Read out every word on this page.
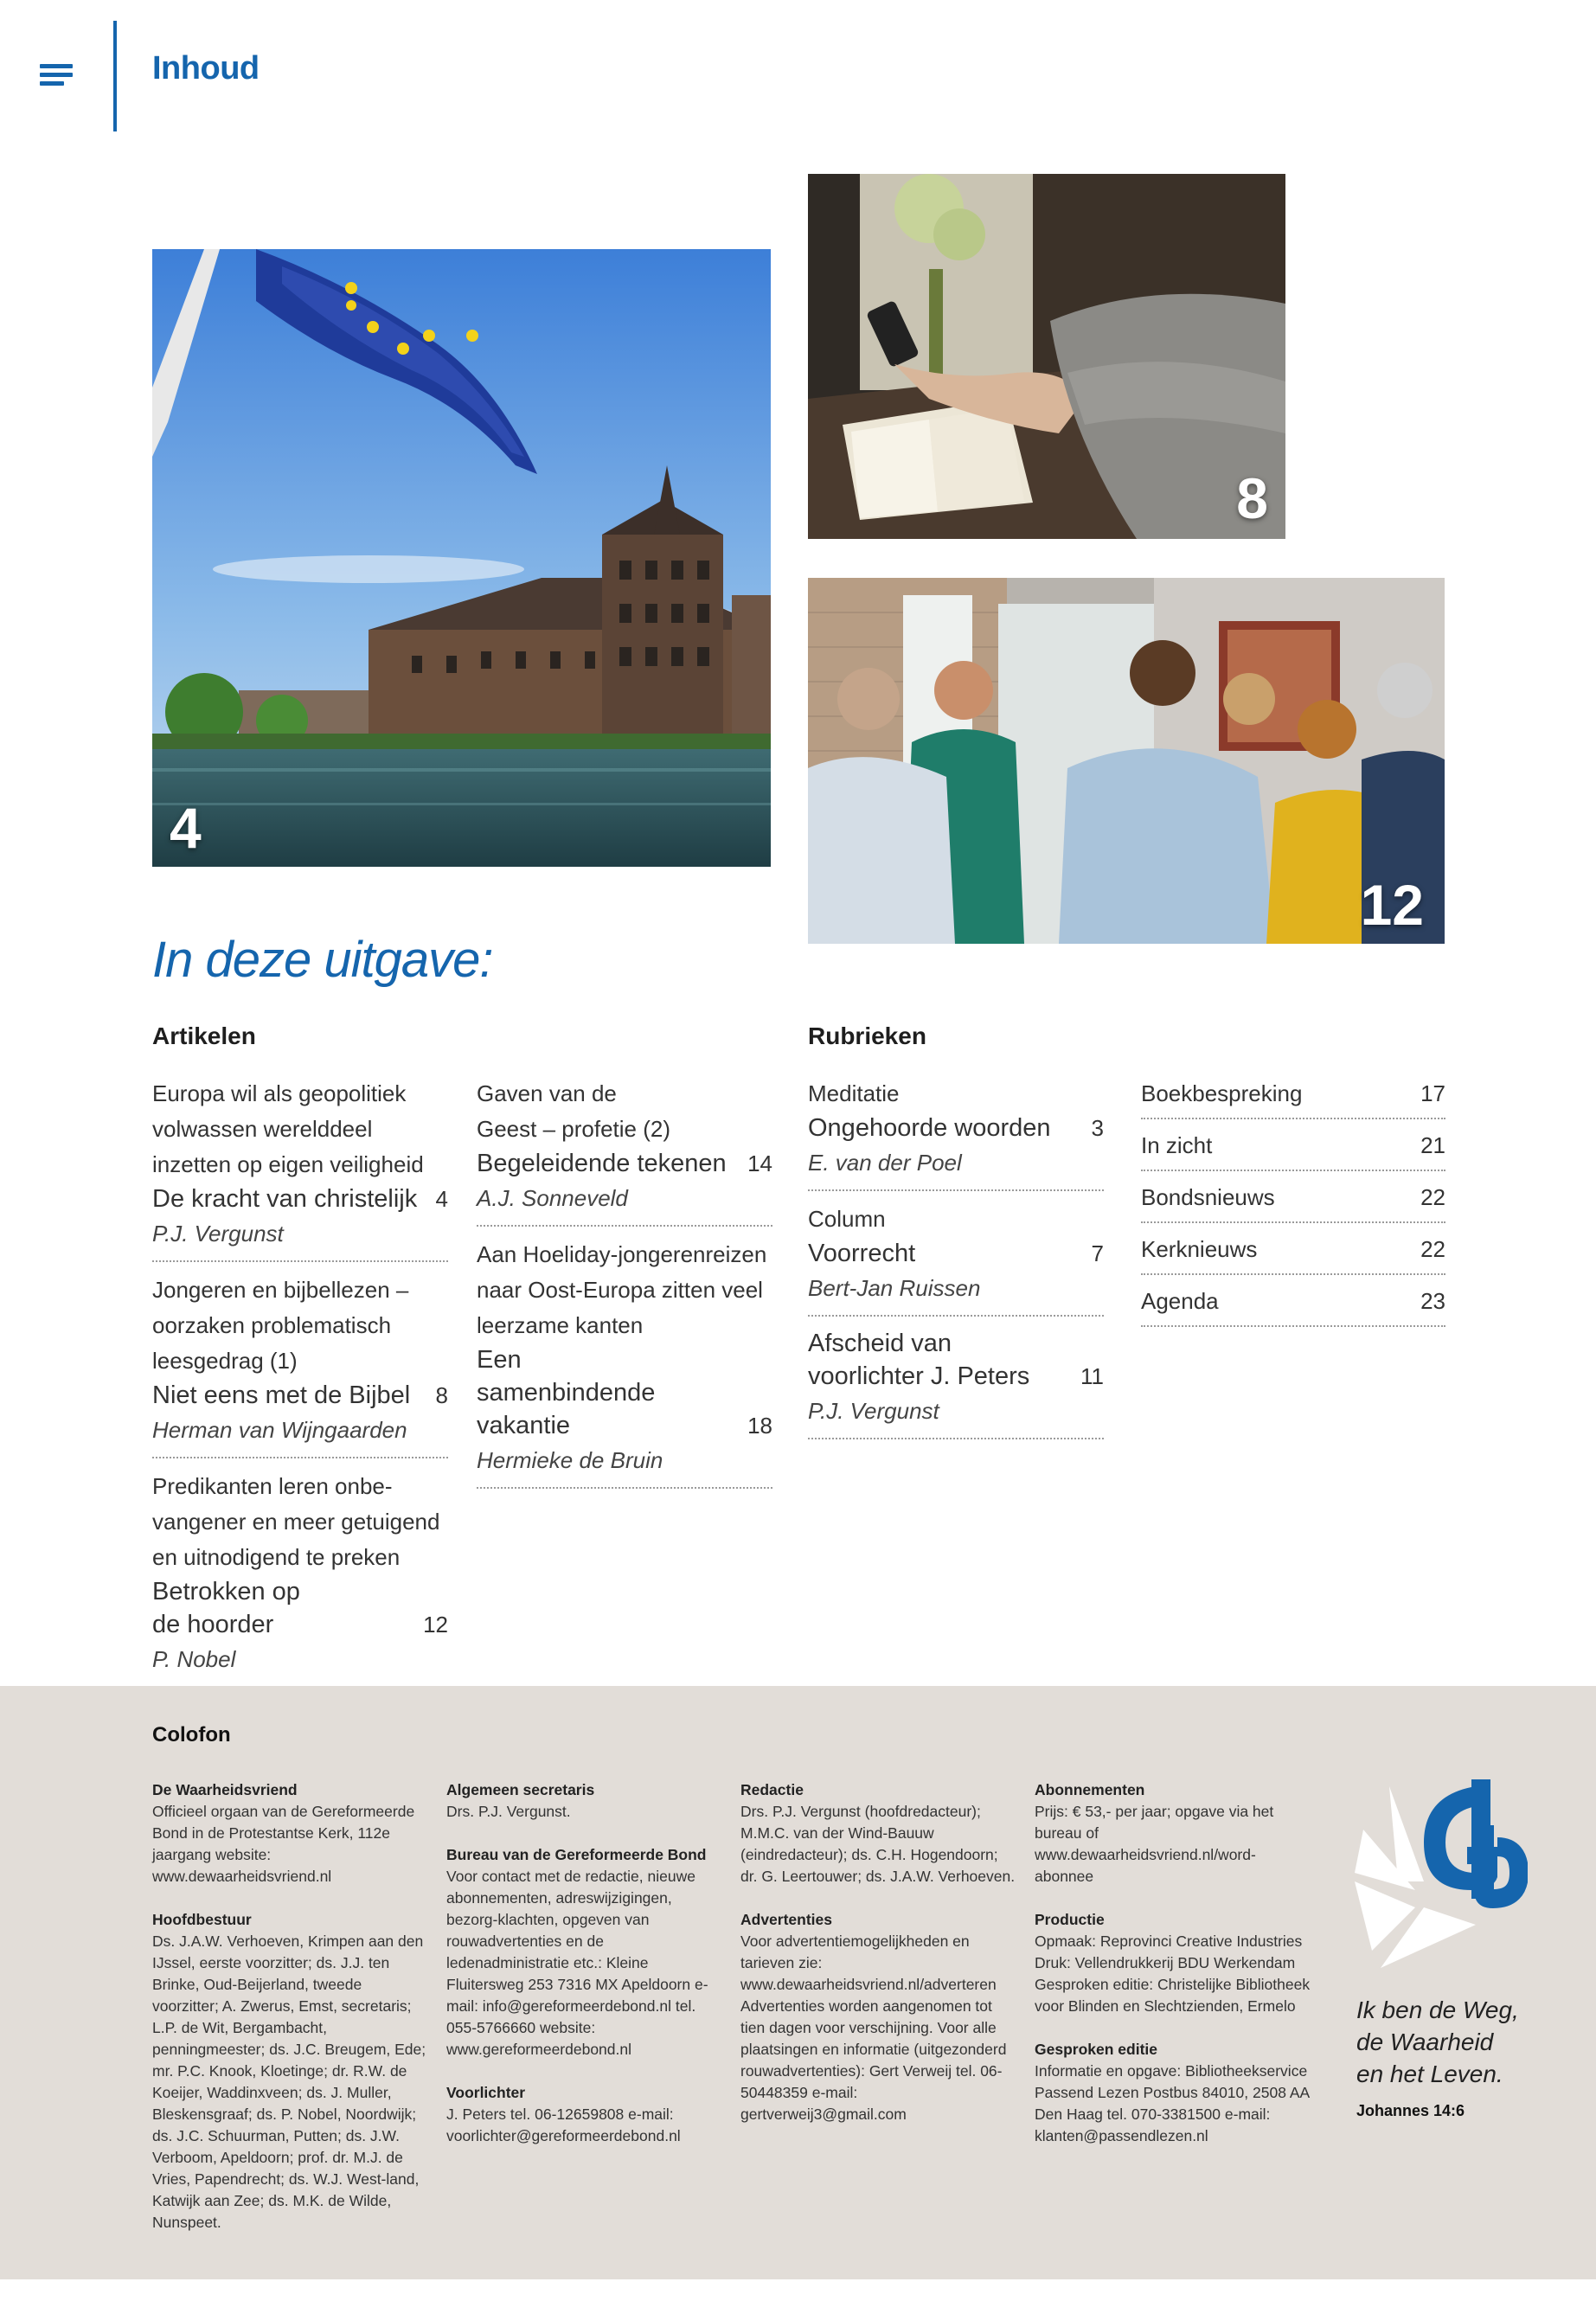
Inhoud
4
8
12
In deze uitgave:
Artikelen	Rubrieken
Europa wil als geopolitiek volwassen werelddeel inzetten op eigen veiligheid
De kracht van christelijk 4
P.J. Vergunst
Jongeren en bijbellezen – oorzaken problematisch leesgedrag (1)
Niet eens met de Bijbel	8
Herman van Wijngaarden
Predikanten leren onbe-vangener en meer getuigend en uitnodigend te preken
Betrokken op de hoorder	12
P. Nobel
Gaven van de Geest – profetie (2)
Begeleidende tekenen 14
A.J. Sonneveld
Aan Hoeliday-jongerenreizen naar Oost-Europa zitten veel leerzame kanten
Een samenbindende vakantie	18
Hermieke de Bruin
Meditatie
Ongehoorde woorden	3
E. van der Poel
Column
Voorrecht	7
Bert-Jan Ruissen
Afscheid van voorlichter J. Peters	11
P.J. Vergunst
Boekbespreking	17
In zicht	21
Bondsnieuws	22
Kerknieuws	22
Agenda	23
Colofon
De Waarheidsvriend
Officieel orgaan van de Gereformeerde Bond in de Protestantse Kerk, 112e jaargang website: www.dewaarheidsvriend.nl
Hoofdbestuur
Ds. J.A.W. Verhoeven, Krimpen aan den IJssel, eerste voorzitter; ds. J.J. ten Brinke, Oud-Beijerland, tweede voorzitter; A. Zwerus, Emst, secretaris; L.P. de Wit, Bergambacht, penningmeester; ds. J.C. Breugem, Ede; mr. P.C. Knook, Kloetinge; dr. R.W. de Koeijer, Waddinxveen; ds. J. Muller, Bleskensgraaf; ds. P. Nobel, Noordwijk; ds. J.C. Schuurman, Putten; ds. J.W. Verboom, Apeldoorn; prof. dr. M.J. de Vries, Papendrecht; ds. W.J. West-land, Katwijk aan Zee; ds. M.K. de Wilde, Nunspeet.
Algemeen secretaris
Drs. P.J. Vergunst.
Bureau van de Gereformeerde Bond
Voor contact met de redactie, nieuwe abonnementen, adreswijzigingen, bezorg-klachten, opgeven van rouwadvertenties en de ledenadministratie etc.: Kleine Fluitersweg 253 7316 MX Apeldoorn e-mail: info@gereformeerdebond.nl tel. 055-5766660 website: www.gereformeerdebond.nl
Voorlichter
J. Peters tel. 06-12659808 e-mail: voorlichter@gereformeerdebond.nl
Redactie
Drs. P.J. Vergunst (hoofdredacteur); M.M.C. van der Wind-Bauuw (eindredacteur); ds. C.H. Hogendoorn; dr. G. Leertouwer; ds. J.A.W. Verhoeven.
Advertenties
Voor advertentiemogelijkheden en tarieven zie: www.dewaarheidsvriend.nl/adverteren Advertenties worden aangenomen tot tien dagen voor verschijning. Voor alle plaatsingen en informatie (uitgezonderd rouwadvertenties): Gert Verweij tel. 06-50448359 e-mail: gertverweij3@gmail.com
Abonnementen
Prijs: € 53,- per jaar; opgave via het bureau of www.dewaarheidsvriend.nl/word-abonnee
Productie
Opmaak: Reprovinci Creative Industries Druk: Vellendrukkerij BDU Werkendam Gesproken editie: Christelijke Bibliotheek voor Blinden en Slechtzienden, Ermelo
Gesproken editie
Informatie en opgave: Bibliotheekservice Passend Lezen Postbus 84010, 2508 AA Den Haag tel. 070-3381500 e-mail: klanten@passendlezen.nl
Ik ben de Weg, de Waarheid en het Leven.
Johannes 14:6
